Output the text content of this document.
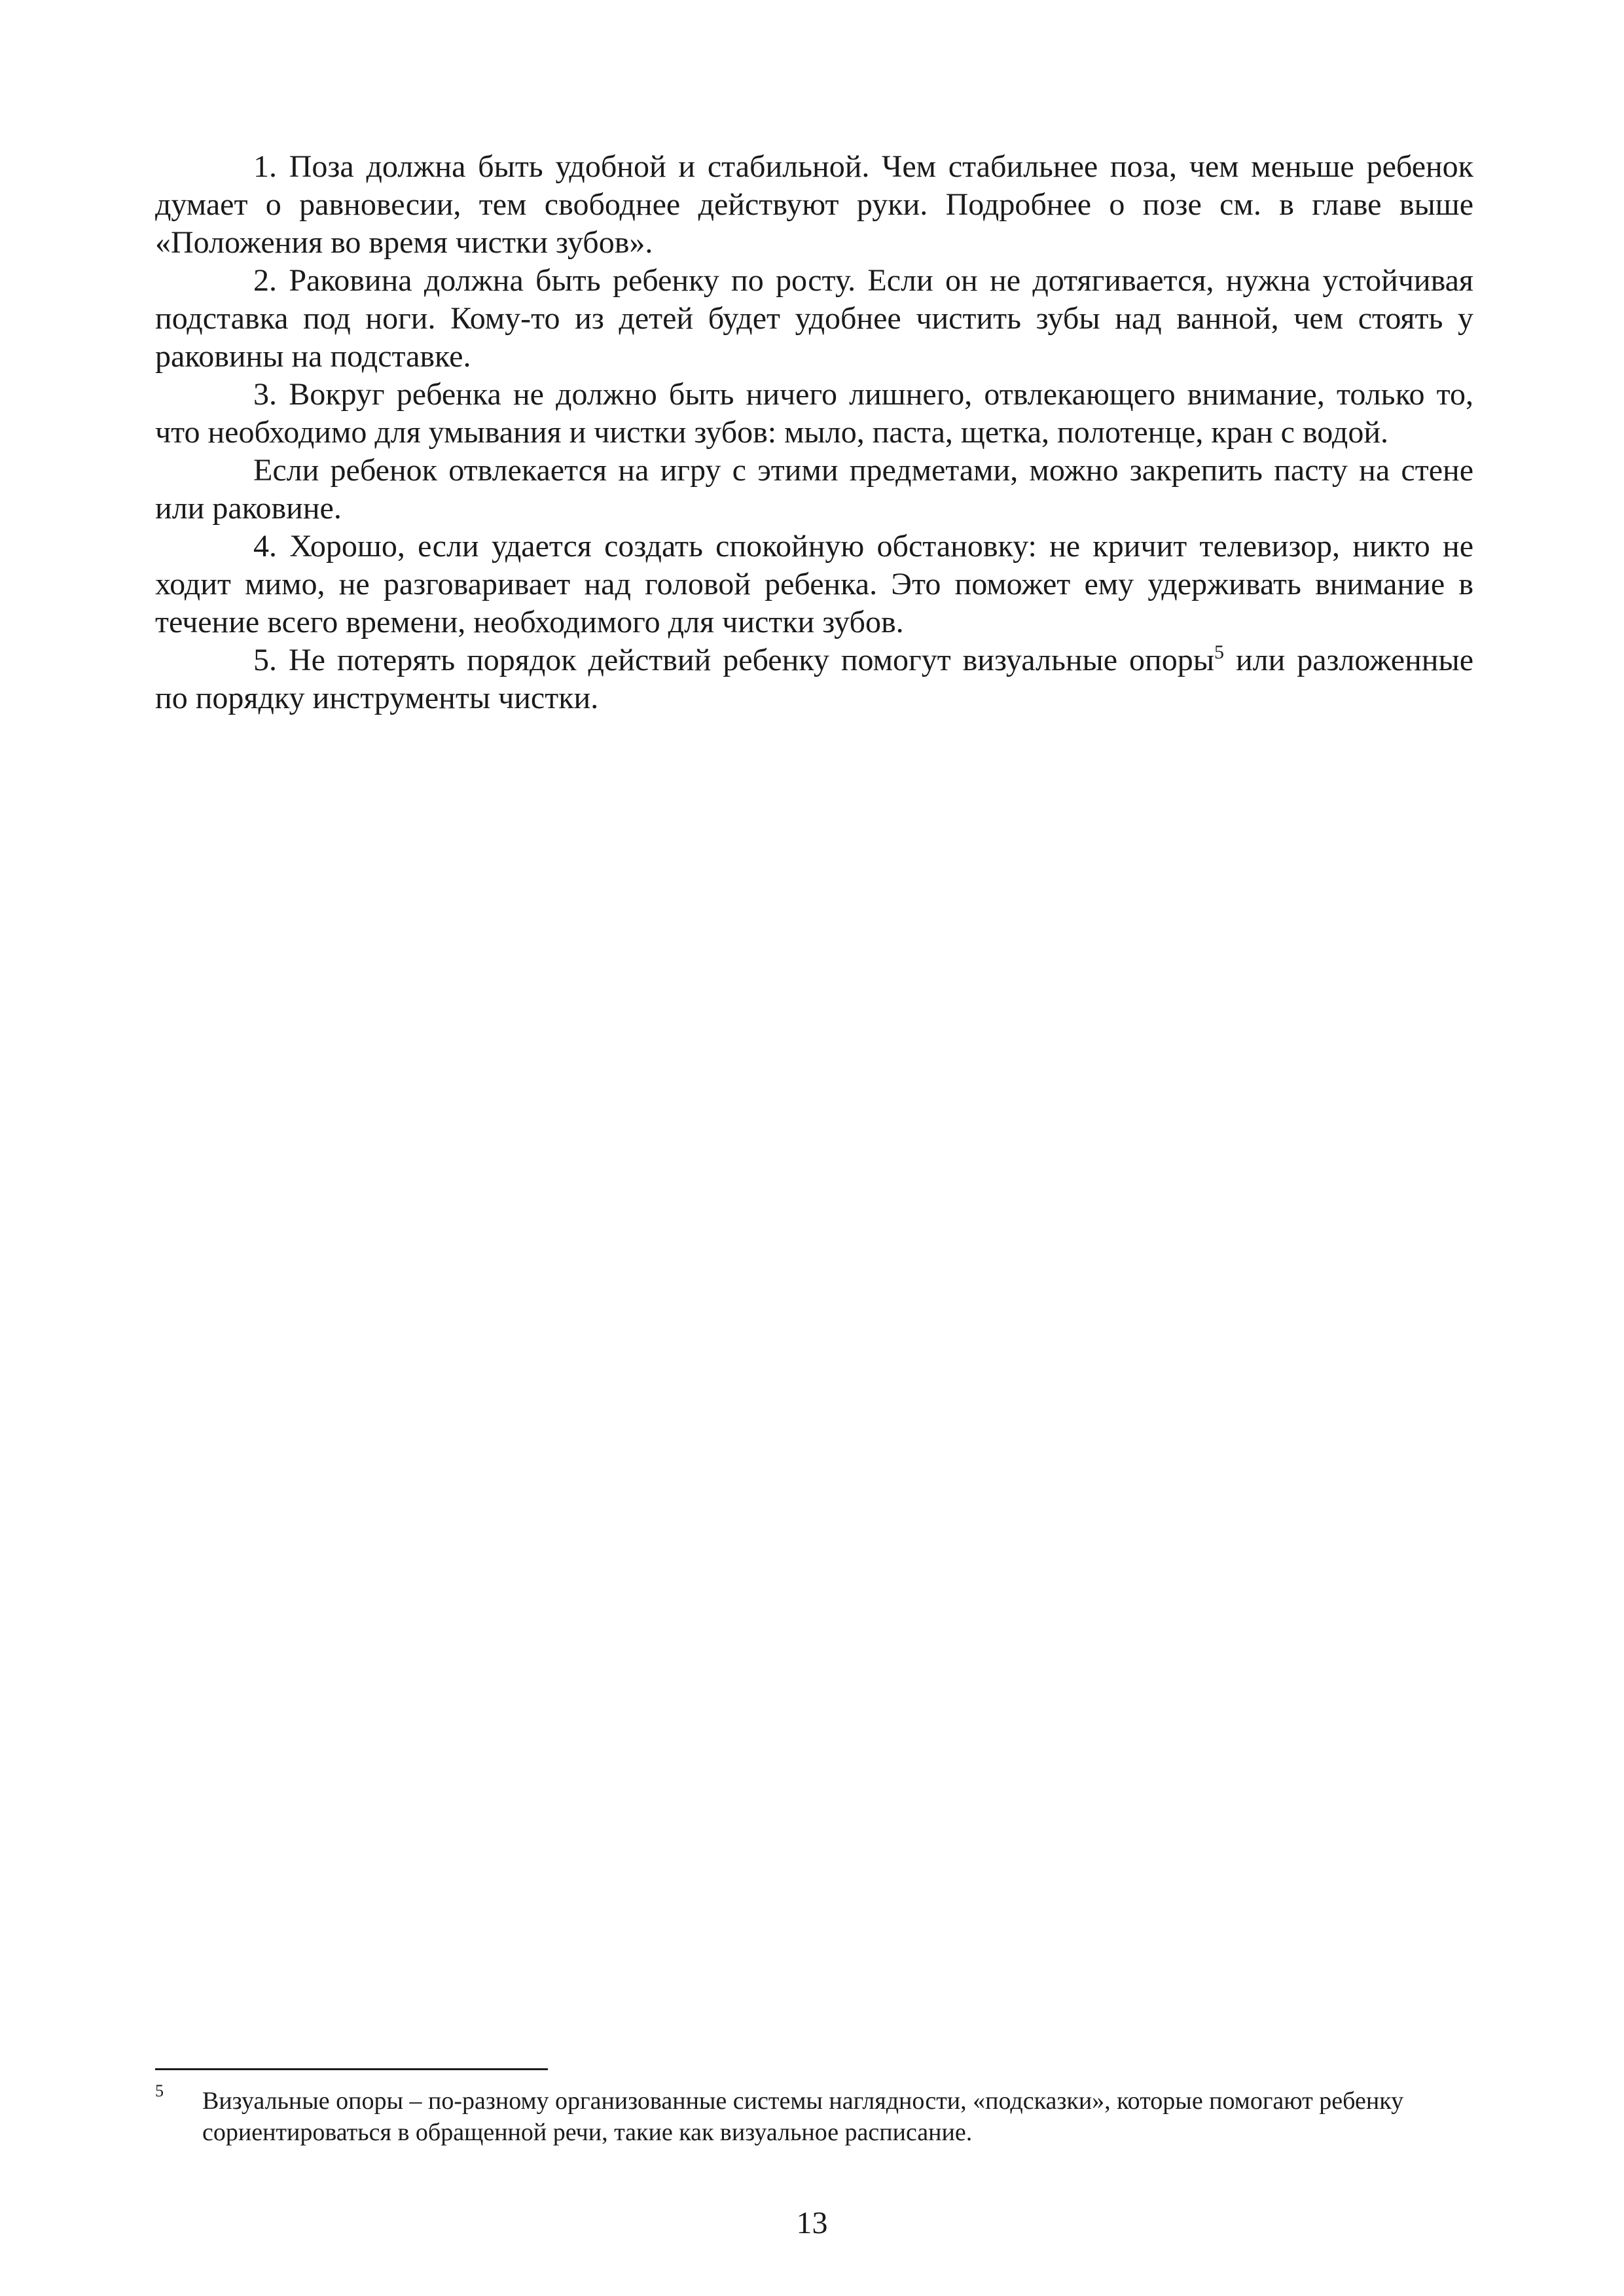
1. Поза должна быть удобной и стабильной. Чем стабильнее поза, чем меньше ребенок думает о равновесии, тем свободнее действуют руки. Подробнее о позе см. в главе выше «Положения во время чистки зубов».

2. Раковина должна быть ребенку по росту. Если он не дотягивается, нужна устойчивая подставка под ноги. Кому-то из детей будет удобнее чистить зубы над ванной, чем стоять у раковины на подставке.

3. Вокруг ребенка не должно быть ничего лишнего, отвлекающего внимание, только то, что необходимо для умывания и чистки зубов: мыло, паста, щетка, полотенце, кран с водой.

Если ребенок отвлекается на игру с этими предметами, можно закрепить пасту на стене или раковине.

4. Хорошо, если удается создать спокойную обстановку: не кричит телевизор, никто не ходит мимо, не разговаривает над головой ребенка. Это поможет ему удерживать внимание в течение всего времени, необходимого для чистки зубов.

5. Не потерять порядок действий ребенку помогут визуальные опоры$^5$ или разложенные по порядку инструменты чистки.

5 Визуальные опоры – по-разному организованные системы наглядности, «подсказки», которые помогают ребенку сориентироваться в обращенной речи, такие как визуальное расписание.

13
